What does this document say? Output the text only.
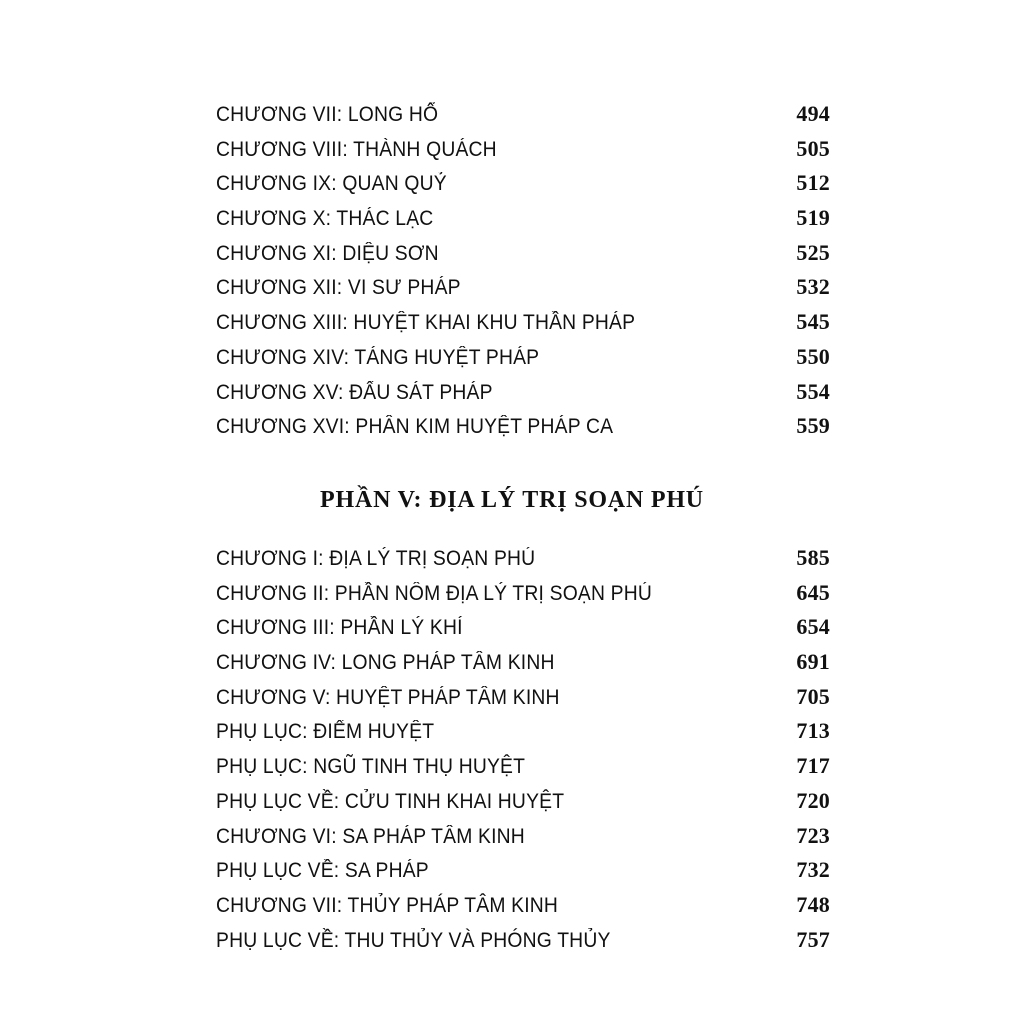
CHƯƠNG VII: LONG HỔ	494
CHƯƠNG VIII: THÀNH QUÁCH	505
CHƯƠNG IX: QUAN QUỶ	512
CHƯƠNG X: THÁC LẠC	519
CHƯƠNG XI: DIỆU SƠN	525
CHƯƠNG XII: VI SƯ PHÁP	532
CHƯƠNG XIII: HUYỆT KHAI KHU THẦN PHÁP	545
CHƯƠNG XIV: TÁNG HUYỆT PHÁP	550
CHƯƠNG XV: ĐẤU SÁT PHÁP	554
CHƯƠNG XVI: PHÂN KIM HUYỆT PHÁP CA	559
PHẦN V: ĐỊA LÝ TRỊ SOẠN PHÚ
CHƯƠNG I: ĐỊA LÝ TRỊ SOẠN PHÚ	585
CHƯƠNG II: PHẦN NÔM ĐỊA LÝ TRỊ SOẠN PHÚ	645
CHƯƠNG III: PHẦN LÝ KHÍ	654
CHƯƠNG IV: LONG PHÁP TÂM KINH	691
CHƯƠNG V: HUYỆT PHÁP TÂM KINH	705
PHỤ LỤC: ĐIỂM HUYỆT	713
PHỤ LỤC: NGŨ TINH THỤ HUYỆT	717
PHỤ LỤC VỀ: CỬU TINH KHAI HUYỆT	720
CHƯƠNG VI: SA PHÁP TÂM KINH	723
PHỤ LỤC VỀ: SA PHÁP	732
CHƯƠNG VII: THỦY PHÁP TÂM KINH	748
PHỤ LỤC VỀ: THU THỦY VÀ PHÓNG THỦY	757
